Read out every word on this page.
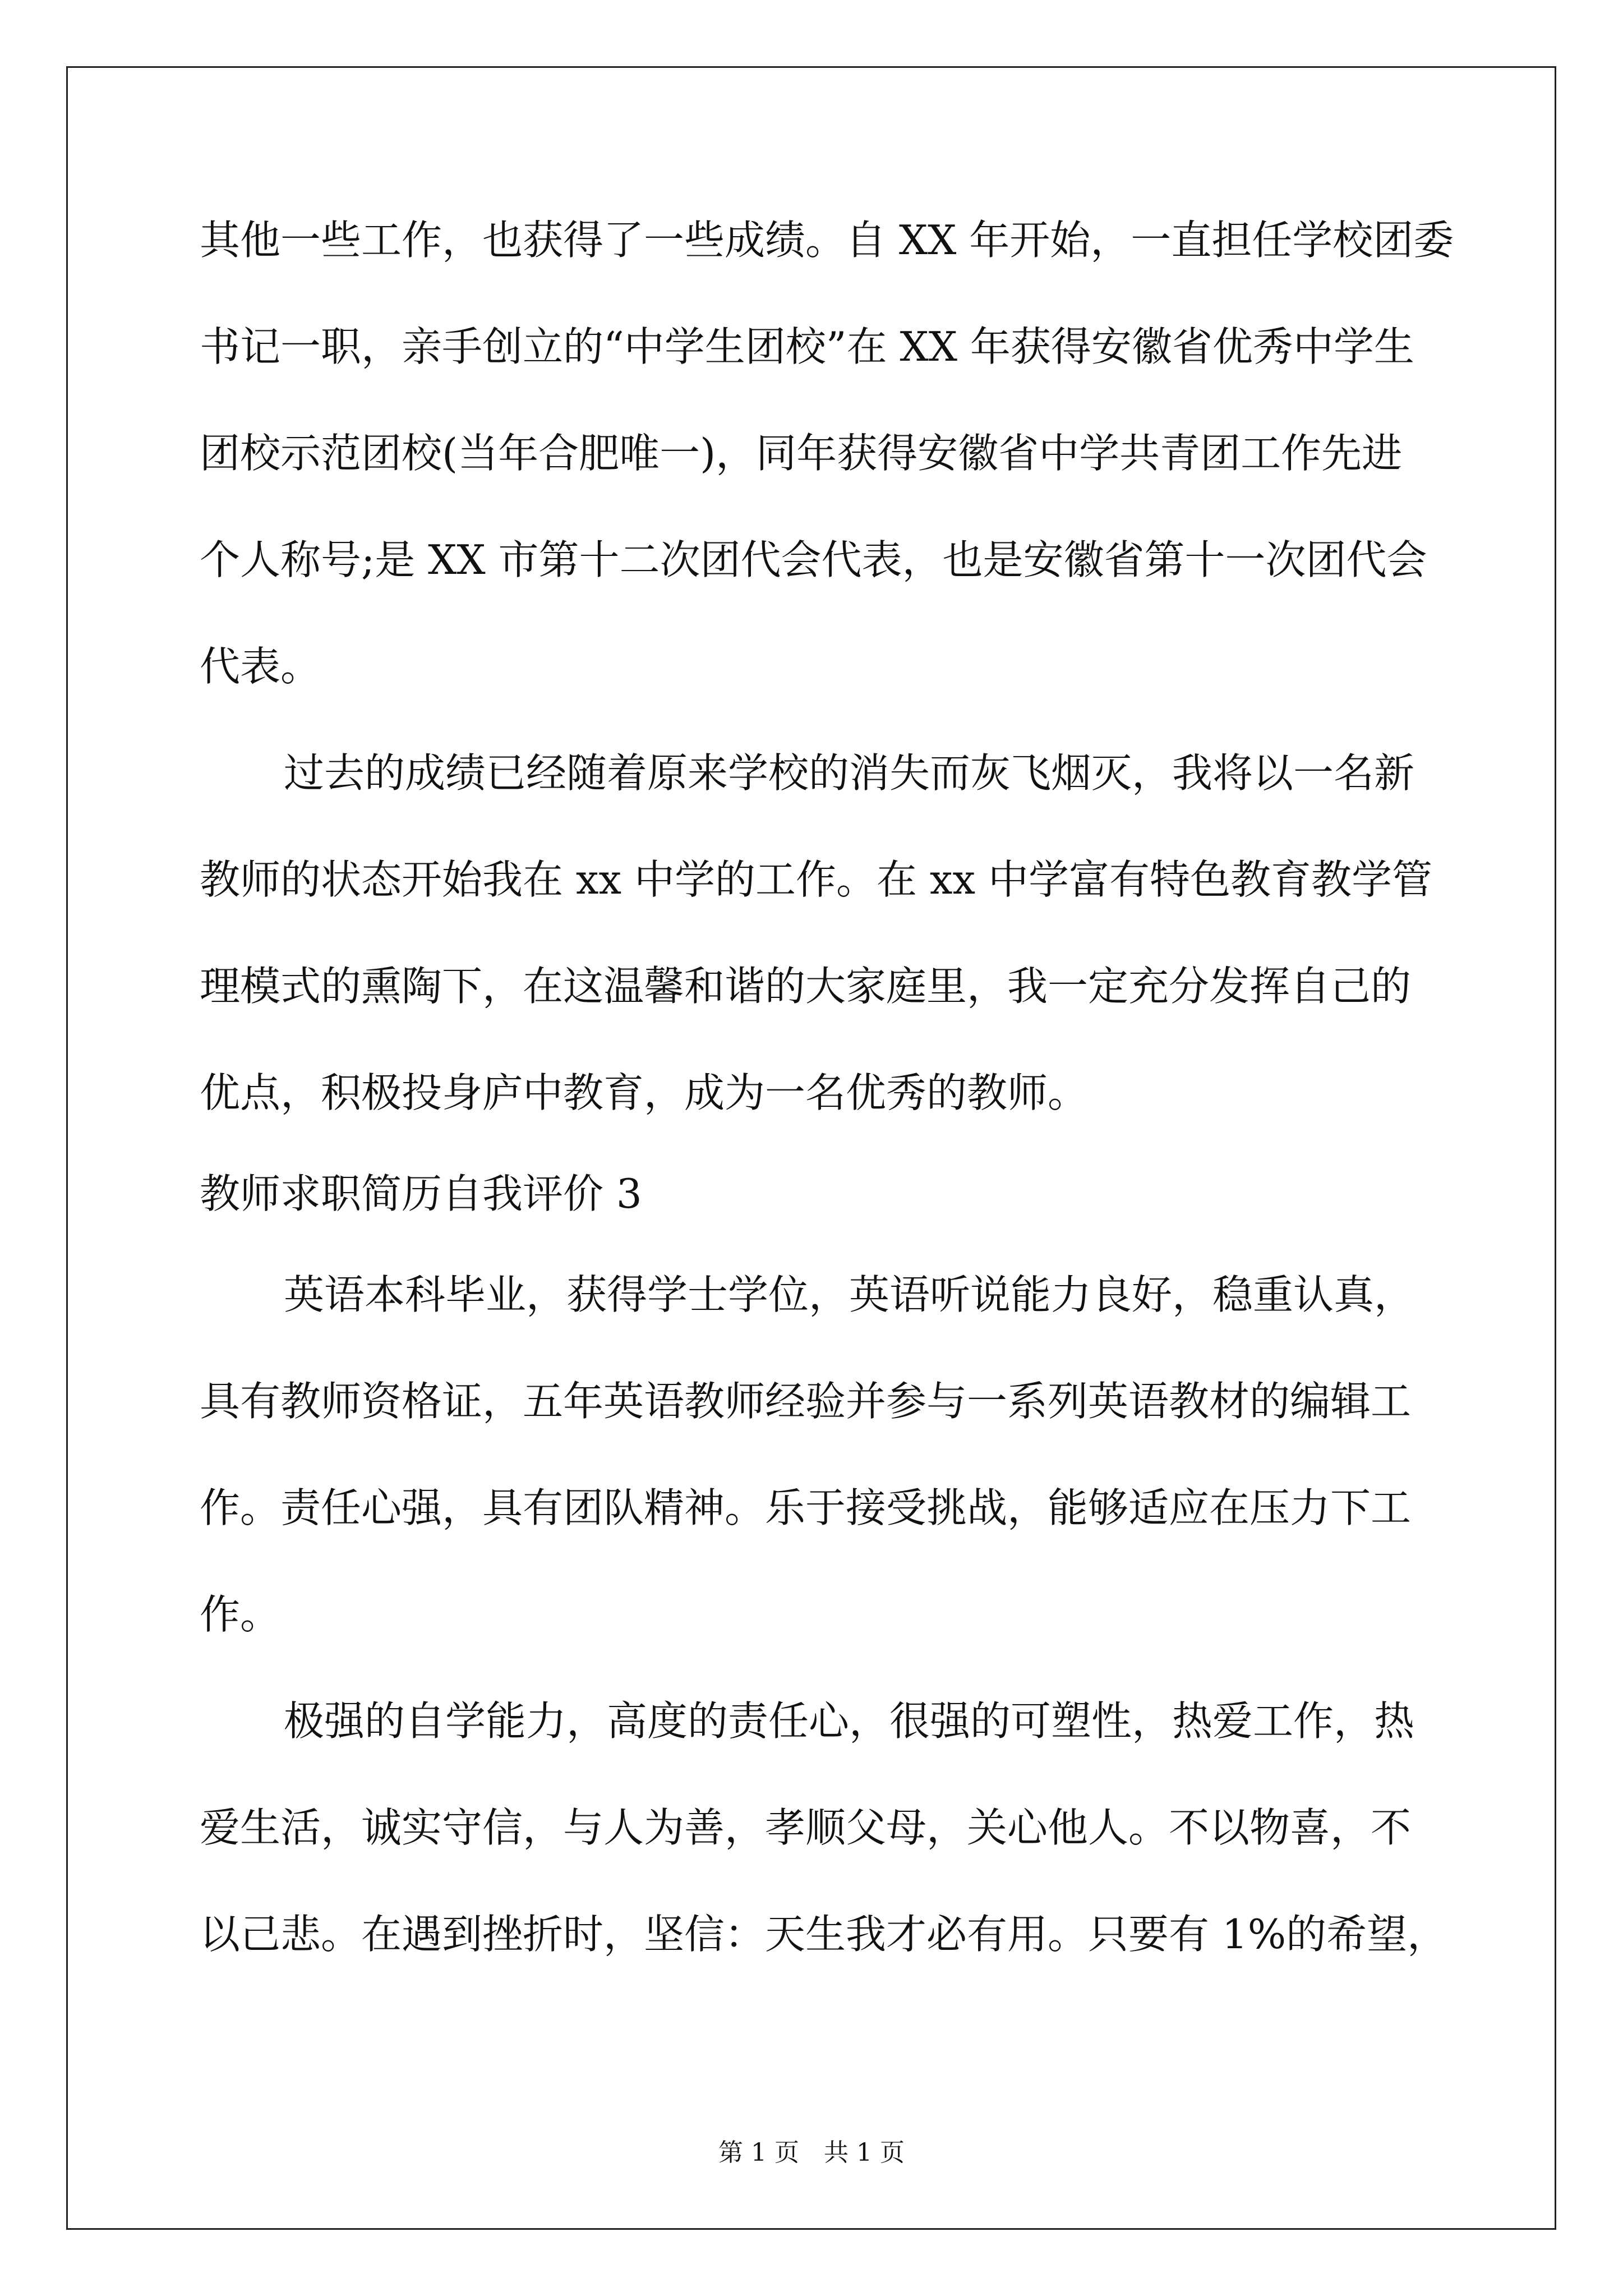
其他一些工作，也获得了一些成绩。自 XX 年开始，一直担任学校团委
书记一职，亲手创立的“中学生团校”在 XX 年获得安徽省优秀中学生
团校示范团校(当年合肥唯一)，同年获得安徽省中学共青团工作先进
个人称号;是 XX 市第十二次团代会代表，也是安徽省第十一次团代会
代表。
过去的成绩已经随着原来学校的消失而灰飞烟灭，我将以一名新
教师的状态开始我在 xx 中学的工作。在 xx 中学富有特色教育教学管
理模式的熏陶下，在这温馨和谐的大家庭里，我一定充分发挥自己的
优点，积极投身庐中教育，成为一名优秀的教师。
教师求职简历自我评价 3
英语本科毕业，获得学士学位，英语听说能力良好，稳重认真，
具有教师资格证，五年英语教师经验并参与一系列英语教材的编辑工
作。责任心强，具有团队精神。乐于接受挑战，能够适应在压力下工
作。
极强的自学能力，高度的责任心，很强的可塑性，热爱工作，热
爱生活，诚实守信，与人为善，孝顺父母，关心他人。不以物喜，不
以己悲。在遇到挫折时，坚信：天生我才必有用。只要有 1%的希望，
第 1 页　共 1 页
